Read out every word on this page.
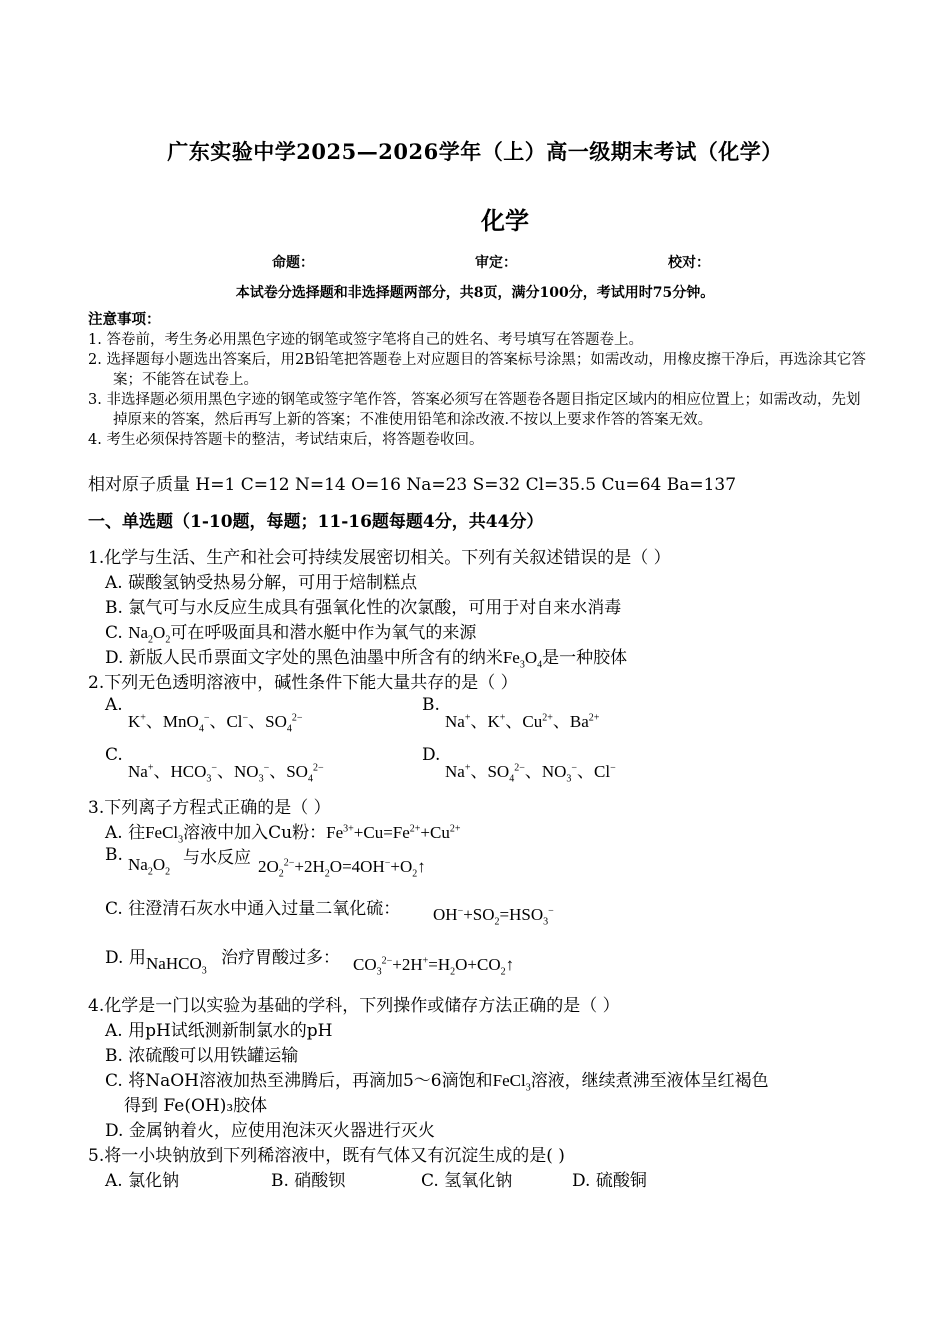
广东实验中学2025—2026学年（上）高一级期末考试（化学）
化学
命题：	审定：	校对：
本试卷分选择题和非选择题两部分，共8页，满分100分，考试用时75分钟。
注意事项：
1. 答卷前，考生务必用黑色字迹的钢笔或签字笔将自己的姓名、考号填写在答题卷上。
2. 选择题每小题选出答案后，用2B铅笔把答题卷上对应题目的答案标号涂黑；如需改动，用橡皮擦干净后，再选涂其它答案；不能答在试卷上。
3. 非选择题必须用黑色字迹的钢笔或签字笔作答，答案必须写在答题卷各题目指定区域内的相应位置上；如需改动，先划掉原来的答案，然后再写上新的答案；不准使用铅笔和涂改液.不按以上要求作答的答案无效。
4. 考生必须保持答题卡的整洁，考试结束后，将答题卷收回。
相对原子质量 H=1 C=12 N=14 O=16 Na=23 S=32 Cl=35.5 Cu=64 Ba=137
一、单选题（1-10题，每题；11-16题每题4分，共44分）
1.化学与生活、生产和社会可持续发展密切相关。下列有关叙述错误的是（ ）
A. 碳酸氢钠受热易分解，可用于焙制糕点
B. 氯气可与水反应生成具有强氧化性的次氯酸，可用于对自来水消毒
C. $Na_2O_2$可在呼吸面具和潜水艇中作为氧气的来源
D. 新版人民币票面文字处的黑色油墨中所含有的纳米$Fe_3O_4$是一种胶体
2.下列无色透明溶液中，碱性条件下能大量共存的是（ ）
A.
K+、MnO$_4$−、Cl−、$SO_4^{2-}$
B.
Na+、K+、$Cu^{2+}$、$Ba^{2+}$
C.
Na+、$HCO_3^-$、$NO_3^-$、$SO_4^{2-}$
D.
Na+、$SO_4^{2-}$、$NO_3^-$、Cl−
3.下列离子方程式正确的是（ ）
A. 往FeCl$_3$溶液中加入Cu粉：$Fe^{3+}+Cu=Fe^{2+}+Cu^{2+}$
B. $Na_2O_2$
与水反应 $2O_2^{2-}+2H_2O=4OH^-+O_2↑$
C. 往澄清石灰水中通入过量二氧化硫： $OH^-+SO_2=HSO_3^-$
D. 用 NaHCO$_3$
治疗胃酸过多： $CO_3^{2-}+2H^+=H_2O+CO_2↑$
4.化学是一门以实验为基础的学科，下列操作或储存方法正确的是（ ）
A. 用pH试纸测新制氯水的pH
B. 浓硫酸可以用铁罐运输
C. 将NaOH溶液加热至沸腾后，再滴加5～6滴饱和FeCl$_3$溶液，继续煮沸至液体呈红褐色
得到 Fe(OH)₃胶体
D. 金属钠着火，应使用泡沫灭火器进行灭火
5.将一小块钠放到下列稀溶液中，既有气体又有沉淀生成的是( )
A. 氯化钠	B. 硝酸钡	C. 氢氧化钠	D. 硫酸铜
